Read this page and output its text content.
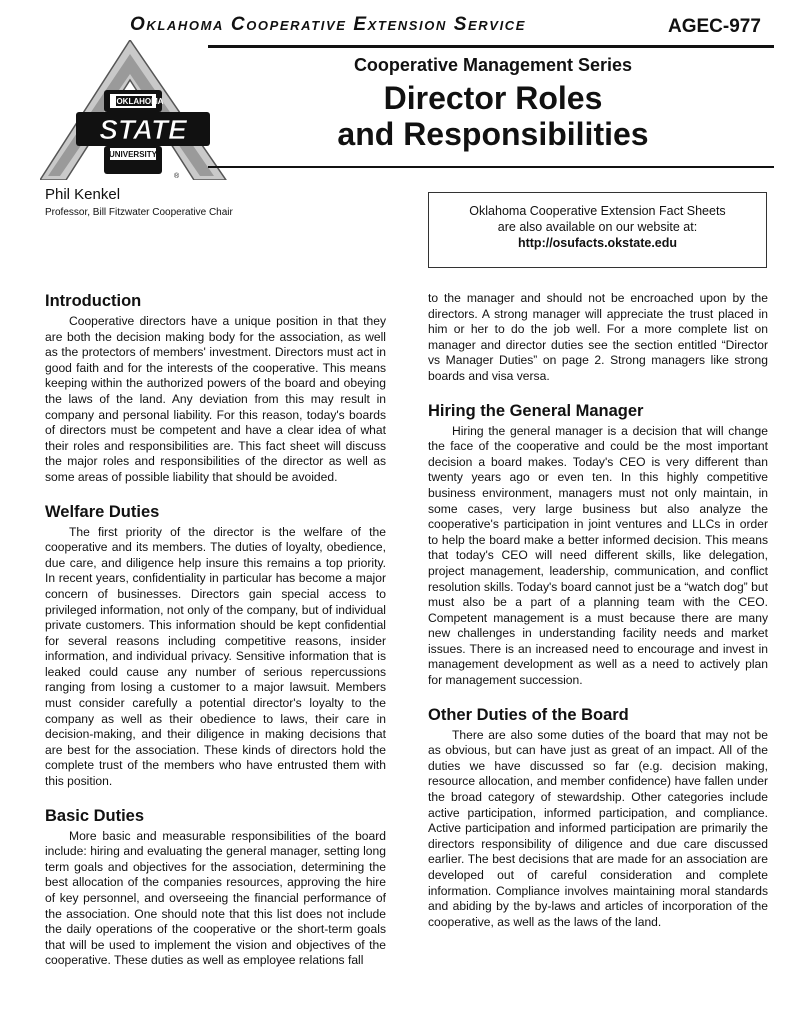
Oklahoma Cooperative Extension Service	AGEC-977
OKLAHOMA
STATE
UNIVERSITY
®
Cooperative Management Series
Director Roles
and Responsibilities
Phil Kenkel
Professor, Bill Fitzwater Cooperative Chair	Oklahoma Cooperative Extension Fact Sheets
are also available on our website at:
http://osufacts.okstate.edu
Introduction

Cooperative directors have a unique position in that they are both the decision making body for the association, as well as the protectors of members' investment. Directors must act in good faith and for the interests of the cooperative. This means keeping within the authorized powers of the board and obeying the laws of the land. Any deviation from this may result in company and personal liability. For this reason, today's boards of directors must be competent and have a clear idea of what their roles and responsibilities are. This fact sheet will discuss the major roles and responsibilities of the director as well as some areas of possible liability that should be avoided.

Welfare Duties

The first priority of the director is the welfare of the cooperative and its members. The duties of loyalty, obedience, due care, and diligence help insure this remains a top priority. In recent years, confidentiality in particular has become a major concern of businesses. Directors gain special access to privileged information, not only of the company, but of individual private customers. This information should be kept confidential for several reasons including competitive reasons, insider information, and individual privacy. Sensitive information that is leaked could cause any number of serious repercussions ranging from losing a customer to a major lawsuit. Members must consider carefully a potential director's loyalty to the company as well as their obedience to laws, their care in decision-making, and their diligence in making decisions that are best for the association. These kinds of directors hold the complete trust of the members who have entrusted them with this position.

Basic Duties

More basic and measurable responsibilities of the board include: hiring and evaluating the general manager, setting long term goals and objectives for the association, determining the best allocation of the companies resources, approving the hire of key personnel, and overseeing the financial performance of the association. One should note that this list does not include the daily operations of the cooperative or the short-term goals that will be used to implement the vision and objectives of the cooperative. These duties as well as employee relations fall

to the manager and should not be encroached upon by the directors. A strong manager will appreciate the trust placed in him or her to do the job well. For a more complete list on manager and director duties see the section entitled “Director vs Manager Duties” on page 2. Strong managers like strong boards and visa versa.

Hiring the General Manager

Hiring the general manager is a decision that will change the face of the cooperative and could be the most important decision a board makes. Today's CEO is very different than twenty years ago or even ten. In this highly competitive business environment, managers must not only maintain, in some cases, very large business but also analyze the cooperative's participation in joint ventures and LLCs in order to help the board make a better informed decision. This means that today's CEO will need different skills, like delegation, project management, leadership, communication, and conflict resolution skills. Today's board cannot just be a “watch dog” but must also be a part of a planning team with the CEO. Competent management is a must because there are many new challenges in understanding facility needs and market issues. There is an increased need to encourage and invest in management development as well as a need to actively plan for management succession.

Other Duties of the Board

There are also some duties of the board that may not be as obvious, but can have just as great of an impact. All of the duties we have discussed so far (e.g. decision making, resource allocation, and member confidence) have fallen under the broad category of stewardship. Other categories include active participation, informed participation, and compliance. Active participation and informed participation are primarily the directors responsibility of diligence and due care discussed earlier. The best decisions that are made for an association are developed out of careful consideration and complete information. Compliance involves maintaining moral standards and abiding by the by-laws and articles of incorporation of the cooperative, as well as the laws of the land.
